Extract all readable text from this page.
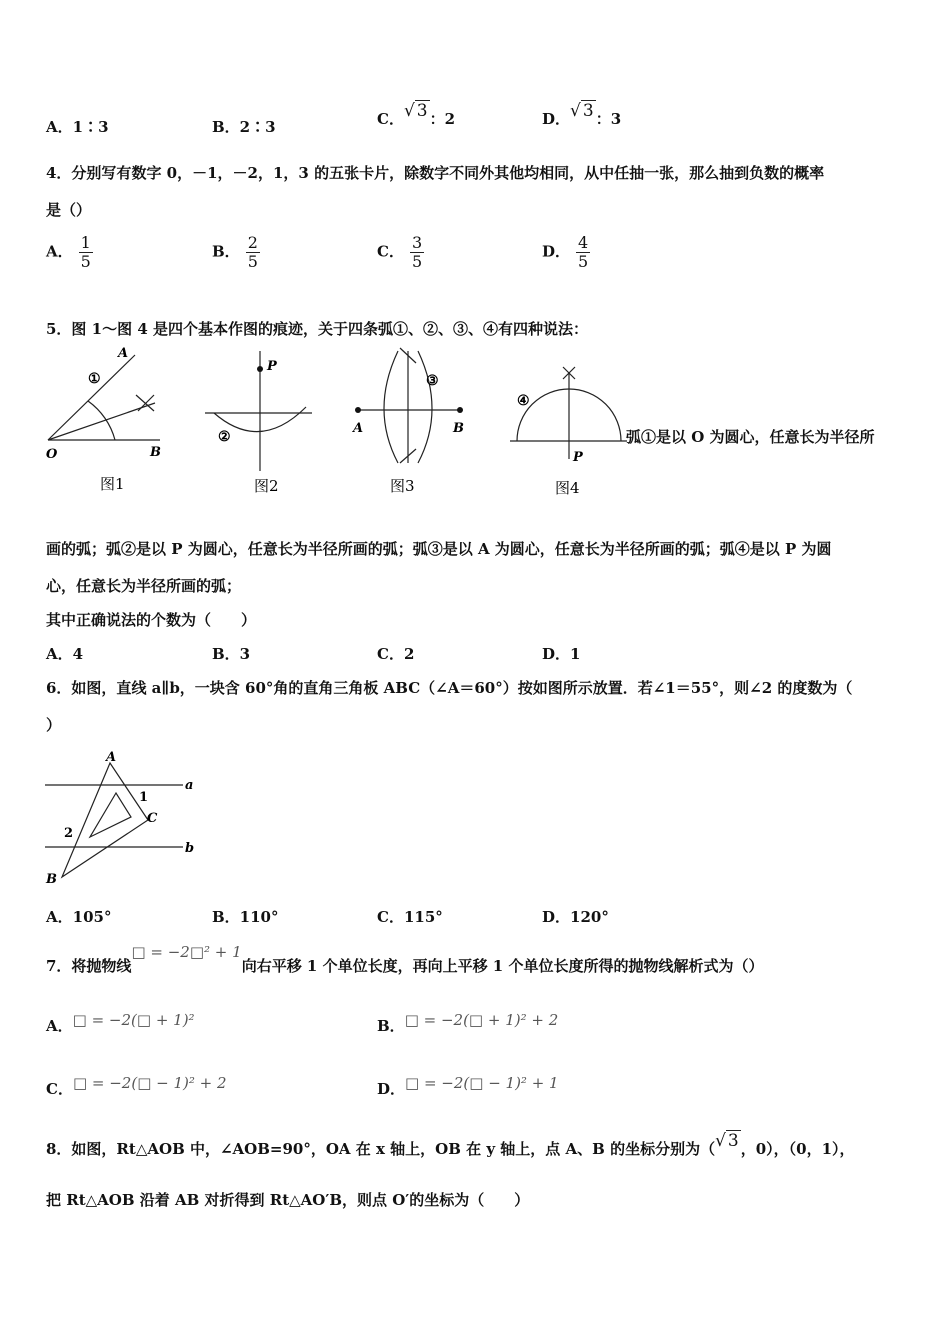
A．1∶3	B．2∶3	C．√ 3 ：2	D．√ 3 ：3
4．分别写有数字 0，－1，－2，1，3 的五张卡片，除数字不同外其他均相同，从中任抽一张，那么抽到负数的概率
是（）
A． $\frac{1}{5}$	B． $\frac{2}{5}$	C． $\frac{3}{5}$	D． $\frac{4}{5}$
5．图 1～图 4 是四个基本作图的痕迹，关于四条弧①、②、③、④有四种说法：
A
①
O	B
图1
P
②
图2
③
A	B
图3
④
P
图4
弧①是以 O 为圆心，任意长为半径所
画的弧；弧②是以 P 为圆心，任意长为半径所画的弧；弧③是以 A 为圆心，任意长为半径所画的弧；弧④是以 P 为圆
心，任意长为半径所画的弧；
其中正确说法的个数为（　　）
A．4	B．3	C．2	D．1
6．如图，直线 a∥b，一块含 60°角的直角三角板 ABC（∠A＝60°）按如图所示放置．若∠1＝55°，则∠2 的度数为（
）
A
a
1
C
2
b
B
A．105°	B．110°	C．115°	D．120°
7．将抛物线□ = −2□² + 1向右平移 1 个单位长度，再向上平移 1 个单位长度所得的抛物线解析式为（）
A．□ = −2(□ + 1)²	B．□ = −2(□ + 1)² + 2
C．□ = −2(□ − 1)² + 2	D．□ = −2(□ − 1)² + 1
8．如图，Rt△AOB 中，∠AOB=90°，OA 在 x 轴上，OB 在 y 轴上，点 A、B 的坐标分别为（√ 3 ，0），（0，1），
把 Rt△AOB 沿着 AB 对折得到 Rt△AO′B，则点 O′的坐标为（　　）
